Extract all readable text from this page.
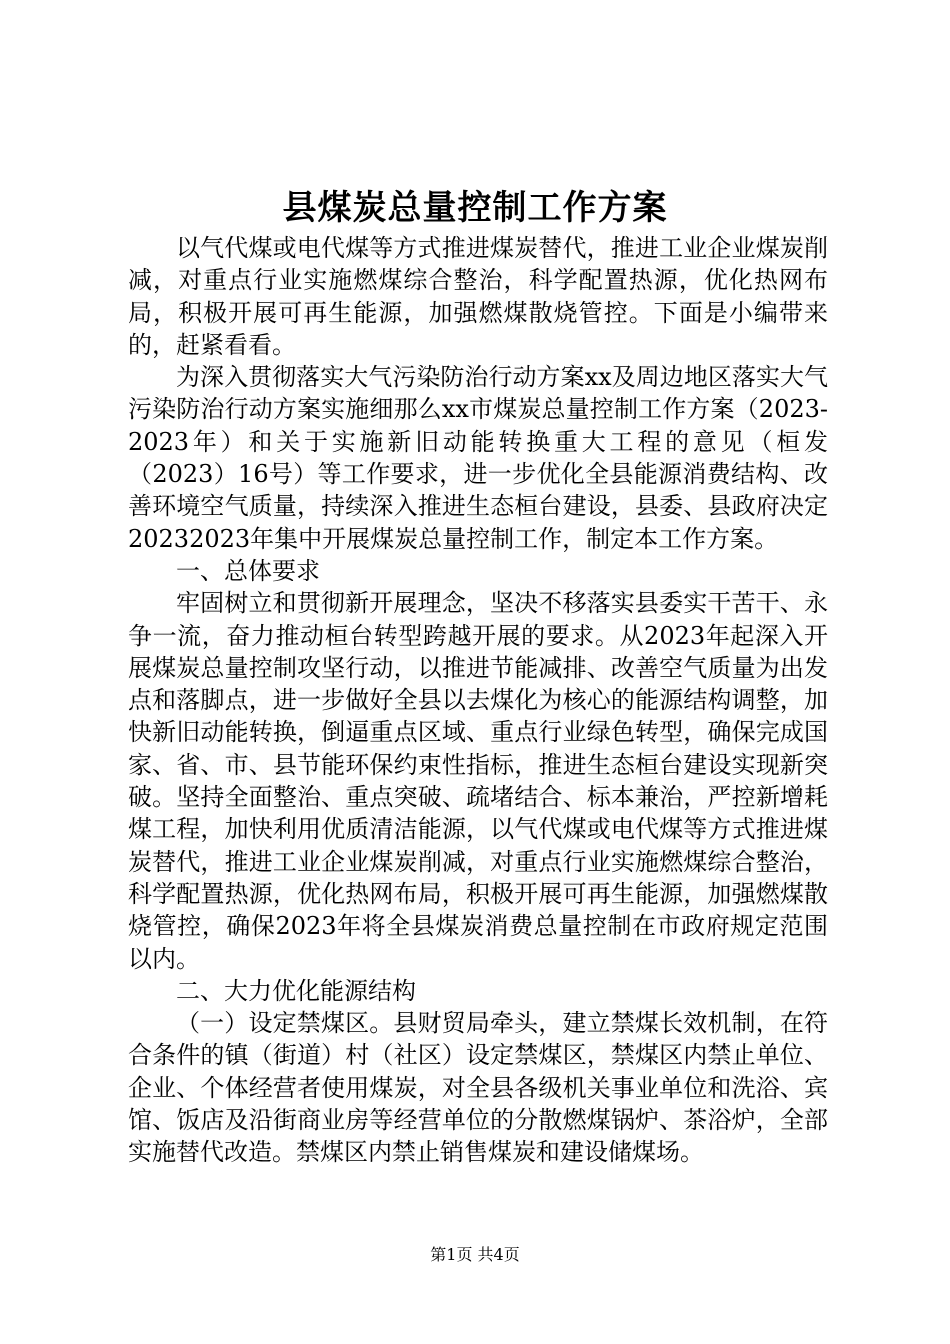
县煤炭总量控制工作方案

以气代煤或电代煤等方式推进煤炭替代，推进工业企业煤炭削减，对重点行业实施燃煤综合整治，科学配置热源，优化热网布局，积极开展可再生能源，加强燃煤散烧管控。下面是小编带来的，赶紧看看。

为深入贯彻落实大气污染防治行动方案xx及周边地区落实大气污染防治行动方案实施细那么xx市煤炭总量控制工作方案（2023-2023年）和关于实施新旧动能转换重大工程的意见（桓发（2023）16号）等工作要求，进一步优化全县能源消费结构、改善环境空气质量，持续深入推进生态桓台建设，县委、县政府决定20232023年集中开展煤炭总量控制工作，制定本工作方案。

一、总体要求

牢固树立和贯彻新开展理念，坚决不移落实县委实干苦干、永争一流，奋力推动桓台转型跨越开展的要求。从2023年起深入开展煤炭总量控制攻坚行动，以推进节能减排、改善空气质量为出发点和落脚点，进一步做好全县以去煤化为核心的能源结构调整，加快新旧动能转换，倒逼重点区域、重点行业绿色转型，确保完成国家、省、市、县节能环保约束性指标，推进生态桓台建设实现新突破。坚持全面整治、重点突破、疏堵结合、标本兼治，严控新增耗煤工程，加快利用优质清洁能源，以气代煤或电代煤等方式推进煤炭替代，推进工业企业煤炭削减，对重点行业实施燃煤综合整治，科学配置热源，优化热网布局，积极开展可再生能源，加强燃煤散烧管控，确保2023年将全县煤炭消费总量控制在市政府规定范围以内。

二、大力优化能源结构

（一）设定禁煤区。县财贸局牵头，建立禁煤长效机制，在符合条件的镇（街道）村（社区）设定禁煤区，禁煤区内禁止单位、企业、个体经营者使用煤炭，对全县各级机关事业单位和洗浴、宾馆、饭店及沿街商业房等经营单位的分散燃煤锅炉、茶浴炉，全部实施替代改造。禁煤区内禁止销售煤炭和建设储煤场。

第1页 共4页
